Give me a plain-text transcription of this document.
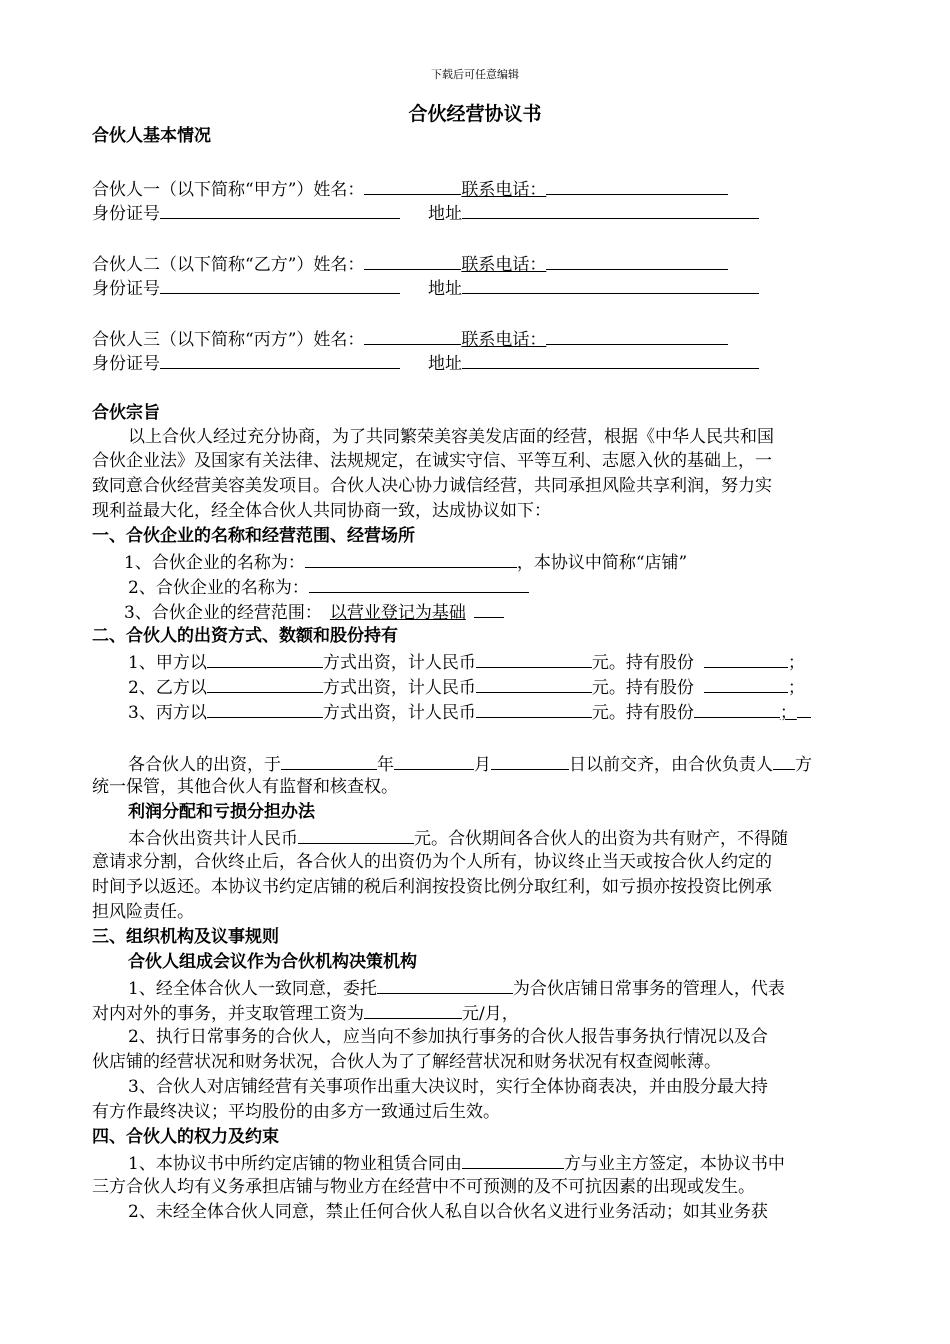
下载后可任意编辑
合伙经营协议书
合伙人基本情况
合伙人一（以下简称“甲方”）姓名：	联系电话：
身份证号	地址
合伙人二（以下简称“乙方”）姓名：	联系电话：
身份证号	地址
合伙人三（以下简称“丙方”）姓名：	联系电话：
身份证号	地址
合伙宗旨
以上合伙人经过充分协商，为了共同繁荣美容美发店面的经营，根据《中华人民共和国
合伙企业法》及国家有关法律、法规规定，在诚实守信、平等互利、志愿入伙的基础上，一
致同意合伙经营美容美发项目。合伙人决心协力诚信经营，共同承担风险共享利润，努力实
现利益最大化，经全体合伙人共同协商一致，达成协议如下：
一、合伙企业的名称和经营范围、经营场所
1、合伙企业的名称为：	，本协议中简称“店铺”
2、合伙企业的名称为：
3、合伙企业的经营范围： 以营业登记为基础
二、合伙人的出资方式、数额和股份持有
1、甲方以	方式出资，计人民币	元。持有股份	；
2、乙方以	方式出资，计人民币	元。持有股份	；
3、丙方以	方式出资，计人民币	元。持有股份	；
各合伙人的出资，于	年	月	日以前交齐，由合伙负责人 方
统一保管，其他合伙人有监督和核查权。
利润分配和亏损分担办法
本合伙出资共计人民币	元。合伙期间各合伙人的出资为共有财产，不得随
意请求分割，合伙终止后，各合伙人的出资仍为个人所有，协议终止当天或按合伙人约定的
时间予以返还。本协议书约定店铺的税后利润按投资比例分取红利，如亏损亦按投资比例承
担风险责任。
三、组织机构及议事规则
合伙人组成会议作为合伙机构决策机构
1、经全体合伙人一致同意，委托	为合伙店铺日常事务的管理人，代表
对内对外的事务，并支取管理工资为	元/月，
2、执行日常事务的合伙人，应当向不参加执行事务的合伙人报告事务执行情况以及合
伙店铺的经营状况和财务状况，合伙人为了了解经营状况和财务状况有权查阅帐薄。
3、合伙人对店铺经营有关事项作出重大决议时，实行全体协商表决，并由股分最大持
有方作最终决议；平均股份的由多方一致通过后生效。
四、合伙人的权力及约束
1、本协议书中所约定店铺的物业租赁合同由	方与业主方签定，本协议书中
三方合伙人均有义务承担店铺与物业方在经营中不可预测的及不可抗因素的出现或发生。
2、未经全体合伙人同意，禁止任何合伙人私自以合伙名义进行业务活动；如其业务获
